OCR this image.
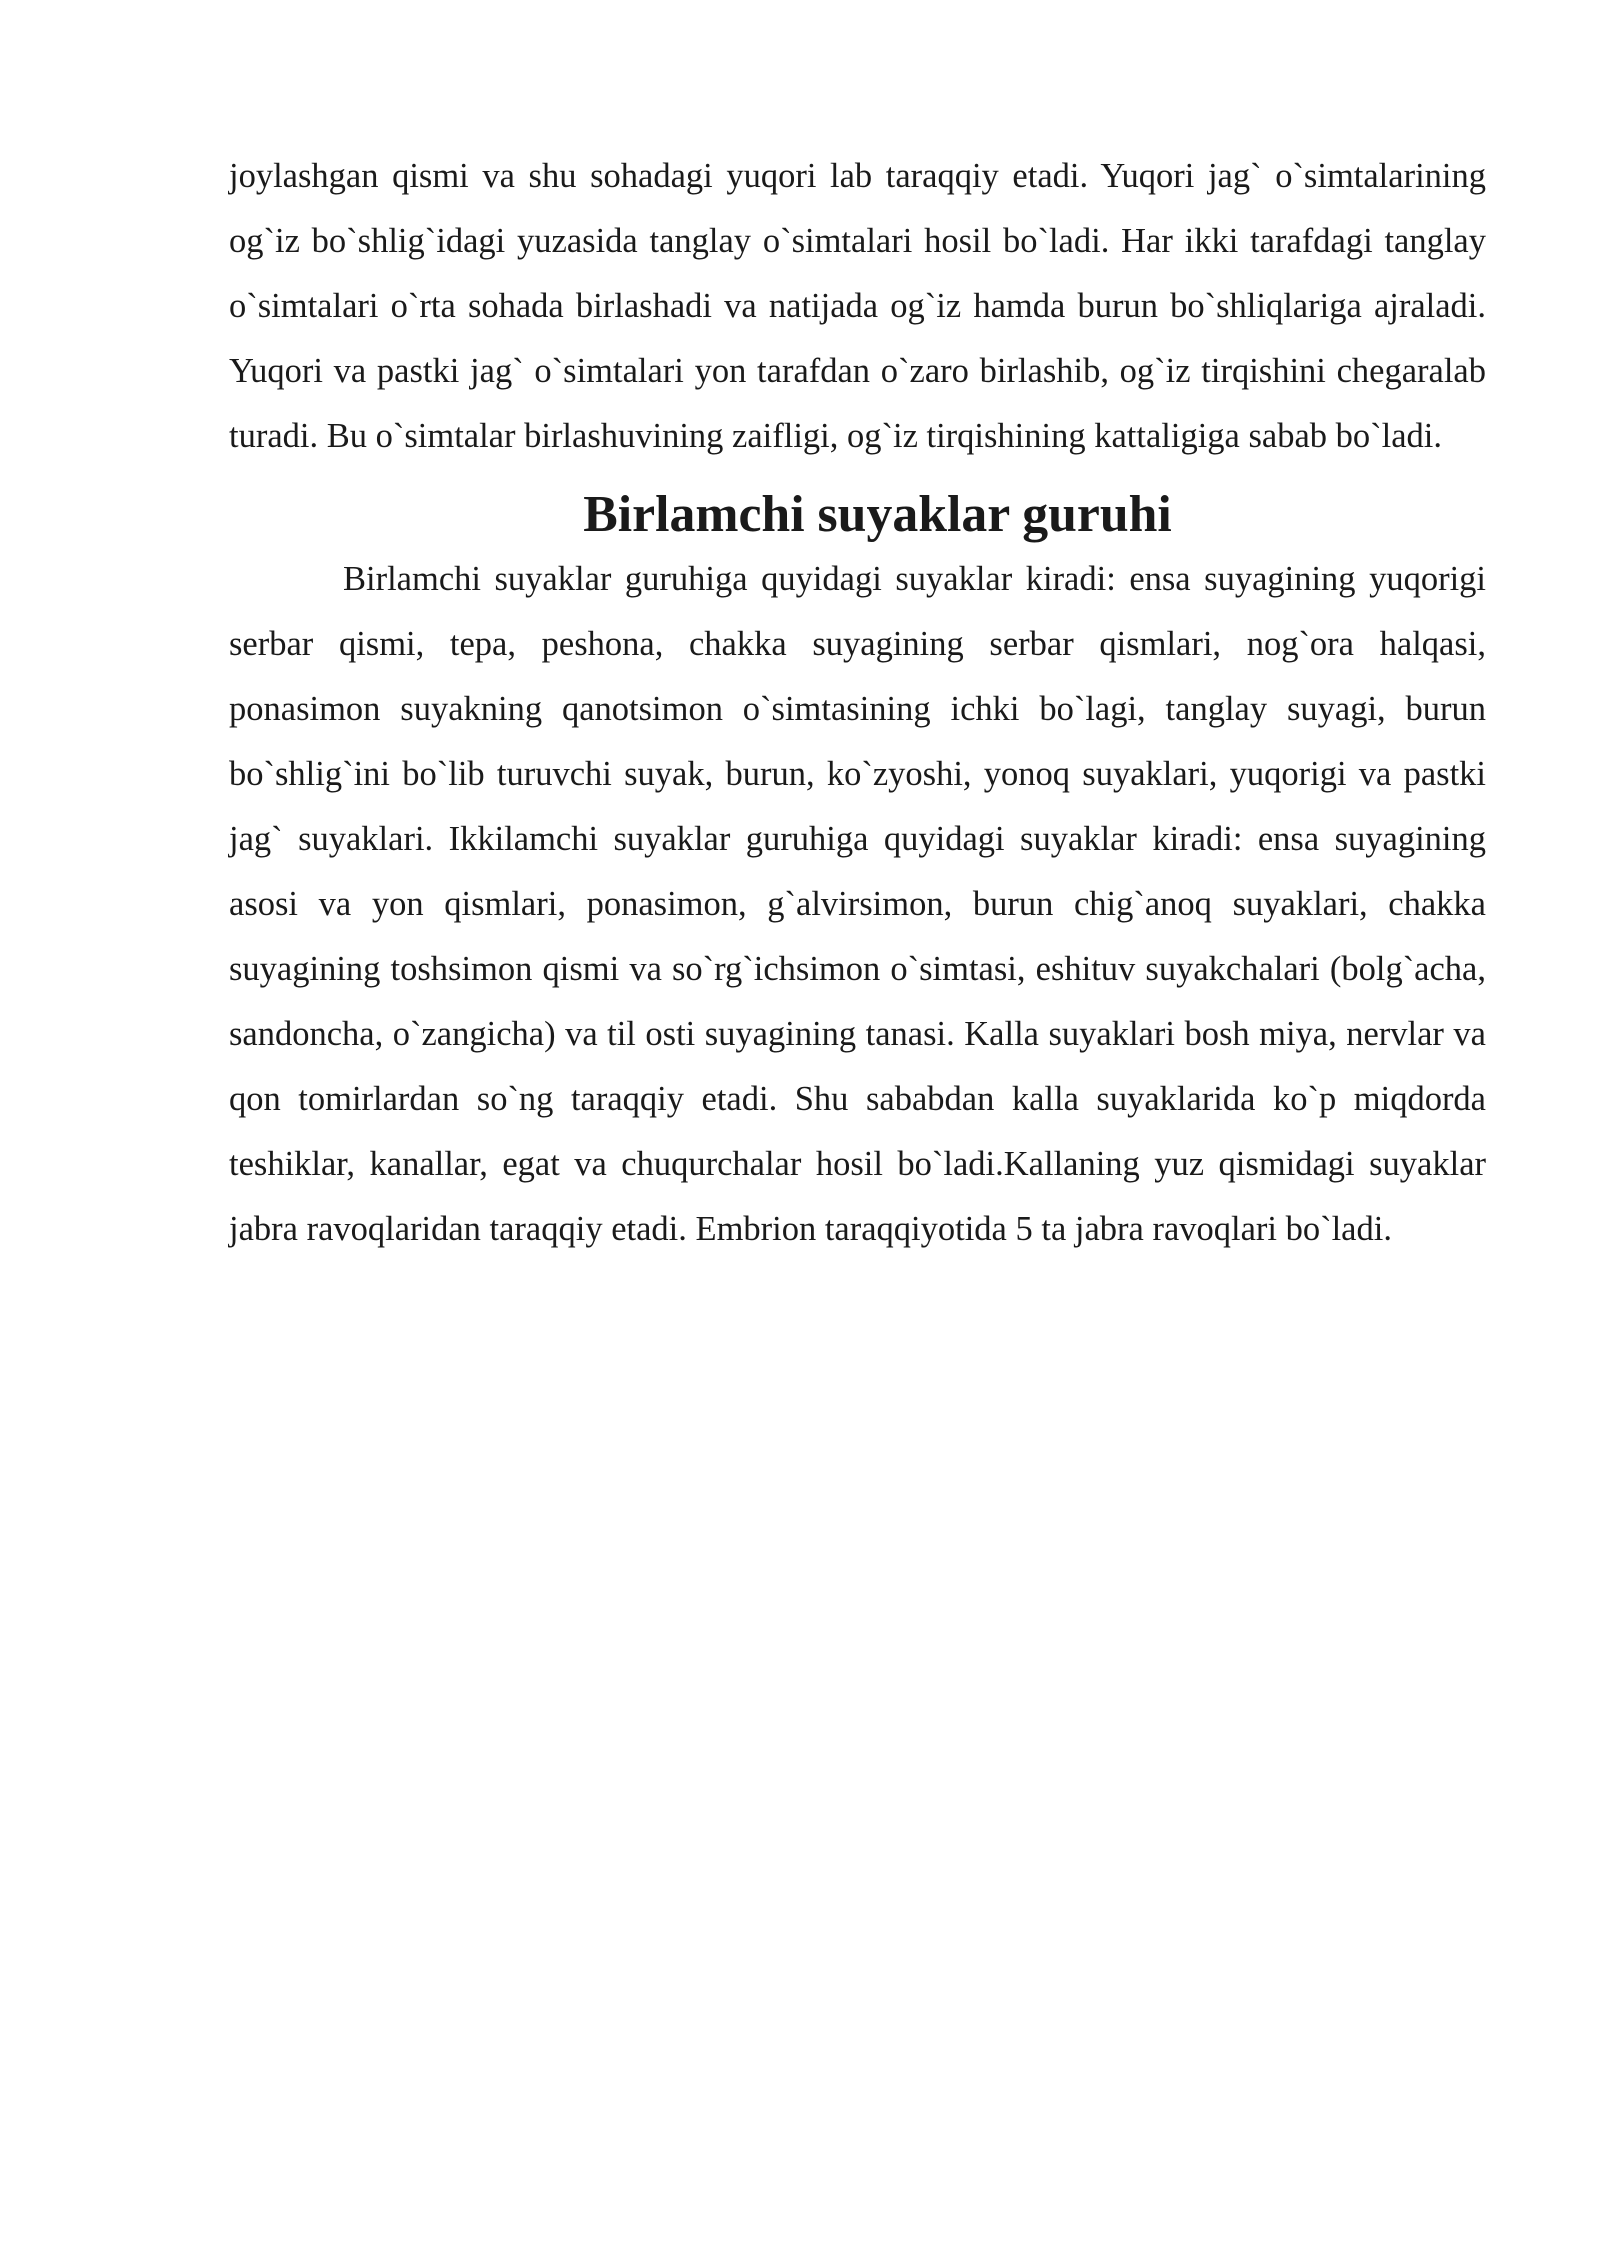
joylashgan qismi va shu sohadagi yuqori lab taraqqiy etadi. Yuqori jag` o`simtalarining og`iz bo`shlig`idagi yuzasida tanglay o`simtalari hosil bo`ladi. Har ikki tarafdagi tanglay o`simtalari o`rta sohada birlashadi va natijada og`iz hamda burun bo`shliqlariga ajraladi. Yuqori va pastki jag` o`simtalari yon tarafdan o`zaro birlashib, og`iz tirqishini chegaralab turadi. Bu o`simtalar birlashuvining zaifligi, og`iz tirqishining kattaligiga sabab bo`ladi.

Birlamchi suyaklar guruhi

Birlamchi suyaklar guruhiga quyidagi suyaklar kiradi: ensa suyagining yuqorigi serbar qismi, tepa, peshona, chakka suyagining serbar qismlari, nog`ora halqasi, ponasimon suyakning qanotsimon o`simtasining ichki bo`lagi, tanglay suyagi, burun bo`shlig`ini bo`lib turuvchi suyak, burun, ko`zyoshi, yonoq suyaklari, yuqorigi va pastki jag` suyaklari. Ikkilamchi suyaklar guruhiga quyidagi suyaklar kiradi: ensa suyagining asosi va yon qismlari, ponasimon, g`alvirsimon, burun chig`anoq suyaklari, chakka suyagining toshsimon qismi va so`rg`ichsimon o`simtasi, eshituv suyakchalari (bolg`acha, sandoncha, o`zangicha) va til osti suyagining tanasi. Kalla suyaklari bosh miya, nervlar va qon tomirlardan so`ng taraqqiy etadi. Shu sababdan kalla suyaklarida ko`p miqdorda teshiklar, kanallar, egat va chuqurchalar hosil bo`ladi.Kallaning yuz qismidagi suyaklar jabra ravoqlaridan taraqqiy etadi. Embrion taraqqiyotida 5 ta jabra ravoqlari bo`ladi.
